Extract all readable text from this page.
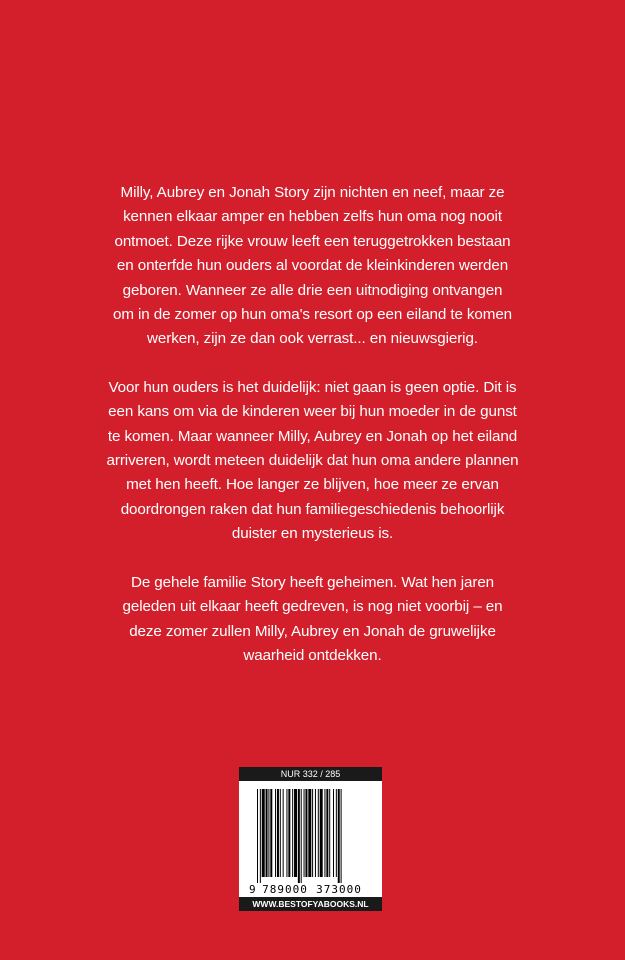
Milly, Aubrey en Jonah Story zijn nichten en neef, maar ze
kennen elkaar amper en hebben zelfs hun oma nog nooit
ontmoet. Deze rijke vrouw leeft een teruggetrokken bestaan
en onterfde hun ouders al voordat de kleinkinderen werden
geboren. Wanneer ze alle drie een uitnodiging ontvangen
om in de zomer op hun oma's resort op een eiland te komen
werken, zijn ze dan ook verrast... en nieuwsgierig.

Voor hun ouders is het duidelijk: niet gaan is geen optie. Dit is
een kans om via de kinderen weer bij hun moeder in de gunst
te komen. Maar wanneer Milly, Aubrey en Jonah op het eiland
arriveren, wordt meteen duidelijk dat hun oma andere plannen
met hen heeft. Hoe langer ze blijven, hoe meer ze ervan
doordrongen raken dat hun familiegeschiedenis behoorlijk
duister en mysterieus is.

De gehele familie Story heeft geheimen. Wat hen jaren
geleden uit elkaar heeft gedreven, is nog niet voorbij – en
deze zomer zullen Milly, Aubrey en Jonah de gruwelijke
waarheid ontdekken.

NUR 332 / 285
9 789000 373000
WWW.BESTOFYABOOKS.NL
